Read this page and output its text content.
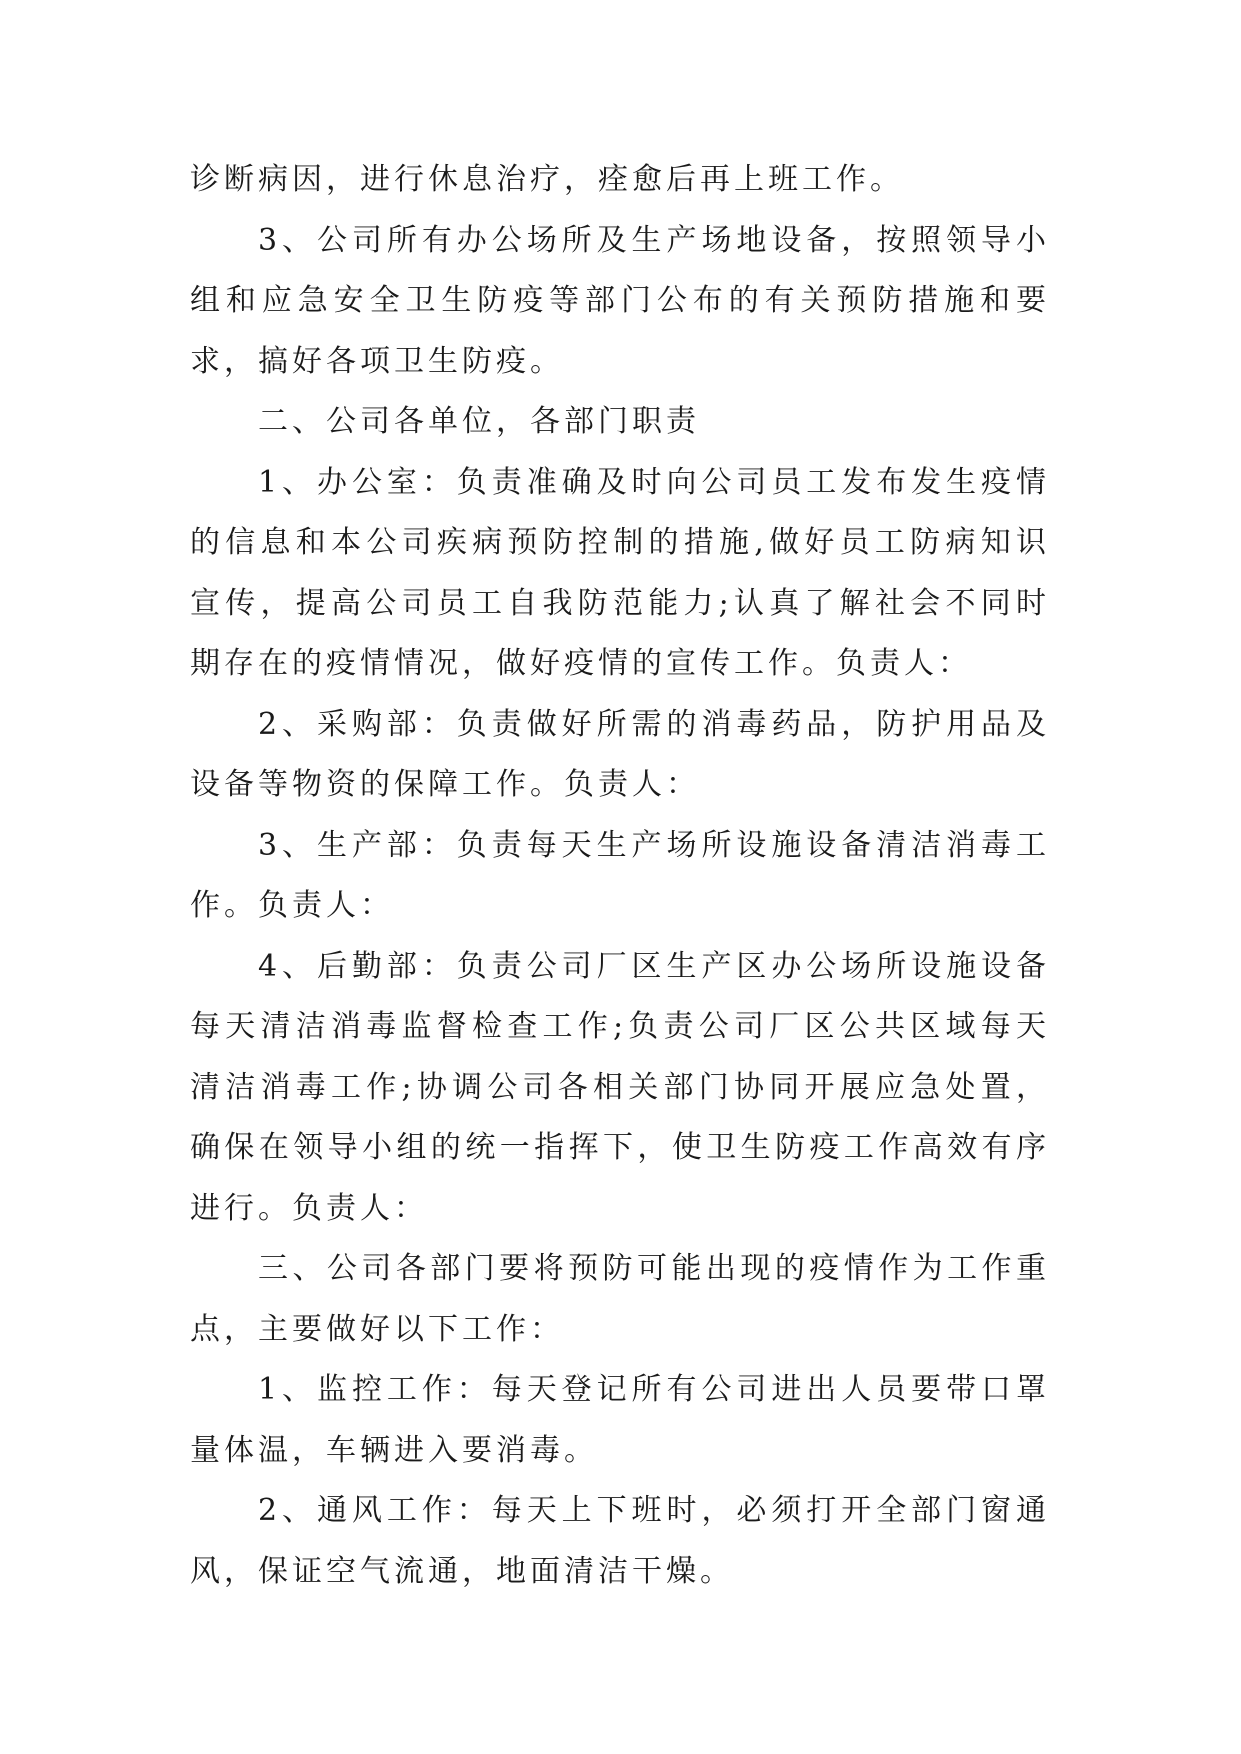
诊断病因，进行休息治疗，痊愈后再上班工作。

3、公司所有办公场所及生产场地设备，按照领导小组和应急安全卫生防疫等部门公布的有关预防措施和要求，搞好各项卫生防疫。

二、公司各单位，各部门职责

1、办公室：负责准确及时向公司员工发布发生疫情的信息和本公司疾病预防控制的措施,做好员工防病知识宣传，提高公司员工自我防范能力;认真了解社会不同时期存在的疫情情况，做好疫情的宣传工作。负责人：

2、采购部：负责做好所需的消毒药品，防护用品及设备等物资的保障工作。负责人：

3、生产部：负责每天生产场所设施设备清洁消毒工作。负责人：

4、后勤部：负责公司厂区生产区办公场所设施设备每天清洁消毒监督检查工作;负责公司厂区公共区域每天清洁消毒工作;协调公司各相关部门协同开展应急处置，确保在领导小组的统一指挥下，使卫生防疫工作高效有序进行。负责人：

三、公司各部门要将预防可能出现的疫情作为工作重点，主要做好以下工作：

1、监控工作：每天登记所有公司进出人员要带口罩量体温，车辆进入要消毒。

2、通风工作：每天上下班时，必须打开全部门窗通风，保证空气流通，地面清洁干燥。
